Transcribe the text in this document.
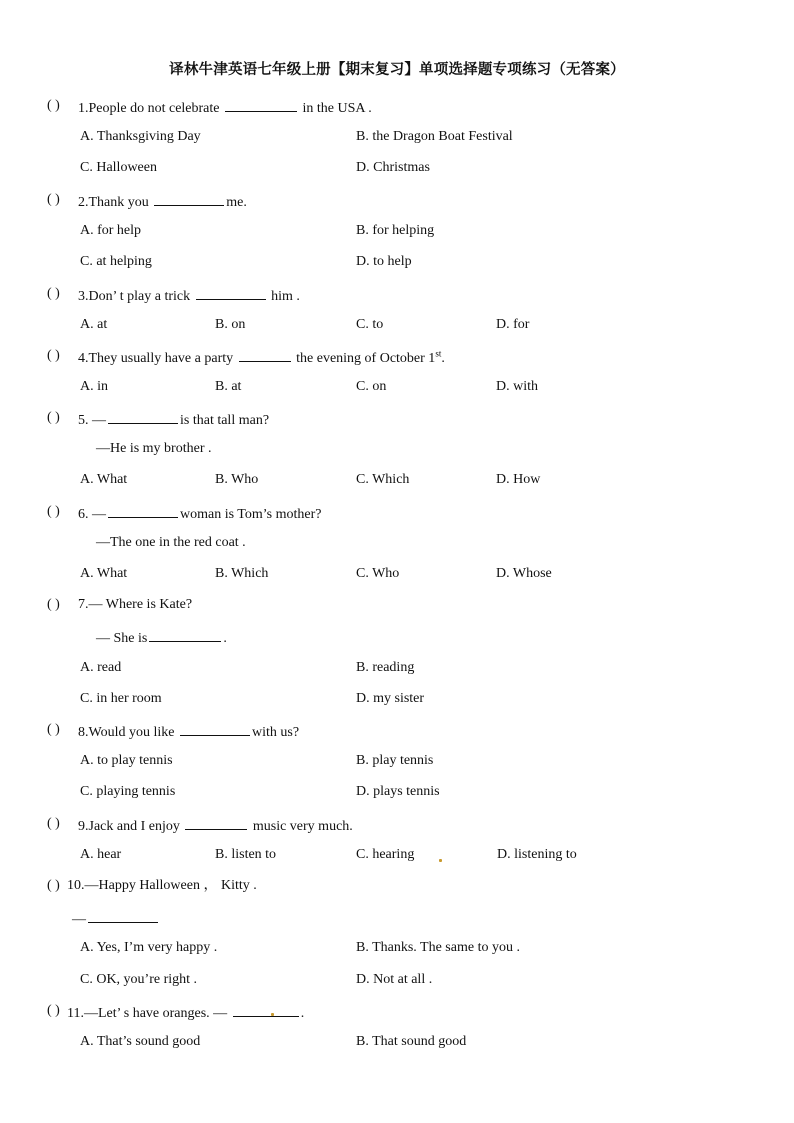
译林牛津英语七年级上册【期末复习】单项选择题专项练习（无答案）
( ) 1.People do not celebrate	in the USA .
A. Thanksgiving Day	B. the Dragon Boat Festival
C. Halloween	D. Christmas
( ) 2.Thank you	me.
A. for help	B. for helping
C. at helping	D. to help
( ) 3.Don’ t play a trick	him .
A. at	B. on	C. to	D. for
( ) 4.They usually have a party	the evening of October 1st.
A. in	B. at	C. on	D. with
( ) 5. —	is that tall man?
—He is my brother .
A. What	B. Who	C. Which	D. How
( ) 6. —	woman is Tom’s mother?
—The one in the red coat .
A. What	B. Which	C. Who	D. Whose
( ) 7.— Where is Kate?
— She is	.
A. read	B. reading
C. in her room	D. my sister
( ) 8.Would you like	with us?
A. to play tennis	B. play tennis
C. playing tennis	D. plays tennis
( ) 9.Jack and I enjoy	music very much.
A. hear	B. listen to	C. hearing	D. listening to
( ) 10.—Happy Halloween ， Kitty .
—
A. Yes, I’m very happy .	B. Thanks. The same to you .
C. OK, you’re right .	D. Not at all .
( ) 11.—Let’ s have oranges. —	.
A. That’s sound good	B. That sound good
